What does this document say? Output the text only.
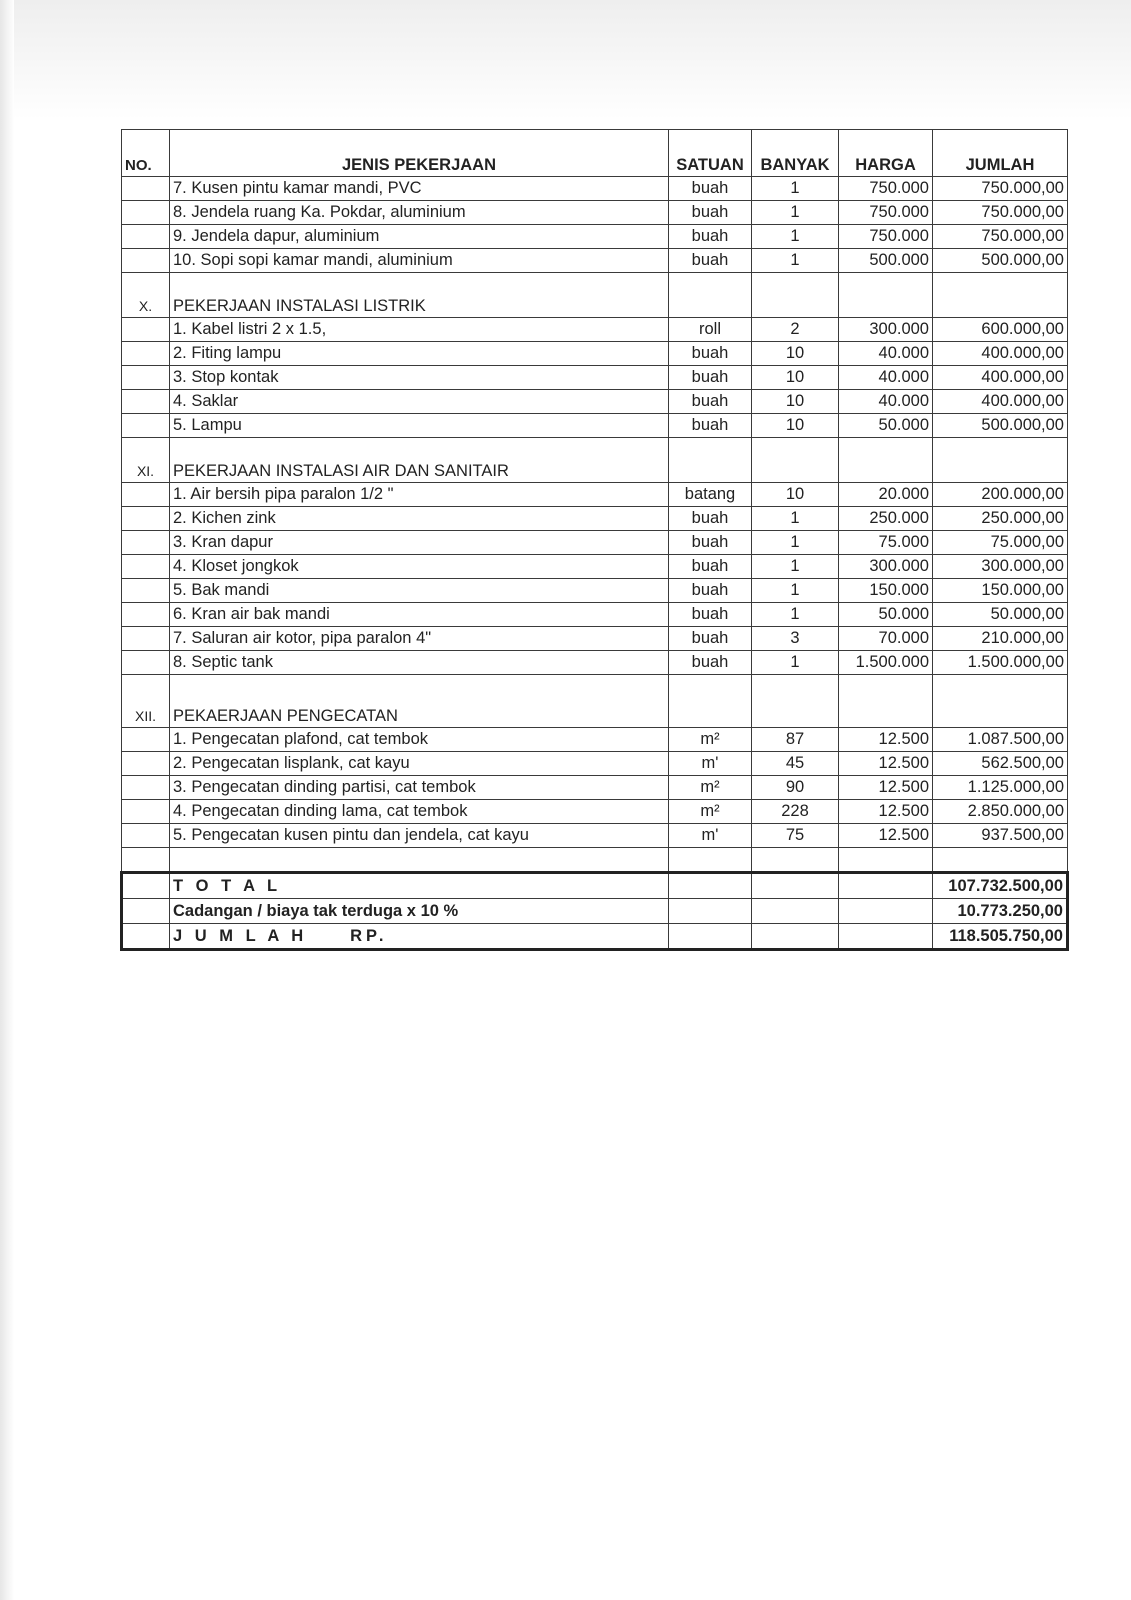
NO.	JENIS PEKERJAAN	SATUAN	BANYAK	HARGA	JUMLAH
	7. Kusen pintu kamar mandi, PVC	buah	1	750.000	750.000,00
	8. Jendela ruang Ka. Pokdar, aluminium	buah	1	750.000	750.000,00
	9. Jendela dapur, aluminium	buah	1	750.000	750.000,00
	10. Sopi sopi kamar mandi, aluminium	buah	1	500.000	500.000,00
X.	PEKERJAAN INSTALASI LISTRIK				
	1. Kabel listri 2 x 1.5,	roll	2	300.000	600.000,00
	2. Fiting lampu	buah	10	40.000	400.000,00
	3. Stop kontak	buah	10	40.000	400.000,00
	4. Saklar	buah	10	40.000	400.000,00
	5. Lampu	buah	10	50.000	500.000,00
XI.	PEKERJAAN INSTALASI AIR DAN SANITAIR				
	1. Air bersih pipa paralon 1/2 "	batang	10	20.000	200.000,00
	2. Kichen zink	buah	1	250.000	250.000,00
	3. Kran dapur	buah	1	75.000	75.000,00
	4. Kloset jongkok	buah	1	300.000	300.000,00
	5. Bak mandi	buah	1	150.000	150.000,00
	6. Kran air bak mandi	buah	1	50.000	50.000,00
	7. Saluran air kotor, pipa paralon 4"	buah	3	70.000	210.000,00
	8. Septic tank	buah	1	1.500.000	1.500.000,00
XII.	PEKAERJAAN PENGECATAN				
	1. Pengecatan plafond, cat tembok	m²	87	12.500	1.087.500,00
	2. Pengecatan lisplank, cat kayu	m'	45	12.500	562.500,00
	3. Pengecatan dinding partisi, cat tembok	m²	90	12.500	1.125.000,00
	4. Pengecatan dinding lama, cat tembok	m²	228	12.500	2.850.000,00
	5. Pengecatan kusen pintu dan jendela, cat kayu	m'	75	12.500	937.500,00

	T O T A L				107.732.500,00
	Cadangan / biaya tak terduga x 10 %				10.773.250,00
	J U M L A H     RP.				118.505.750,00
